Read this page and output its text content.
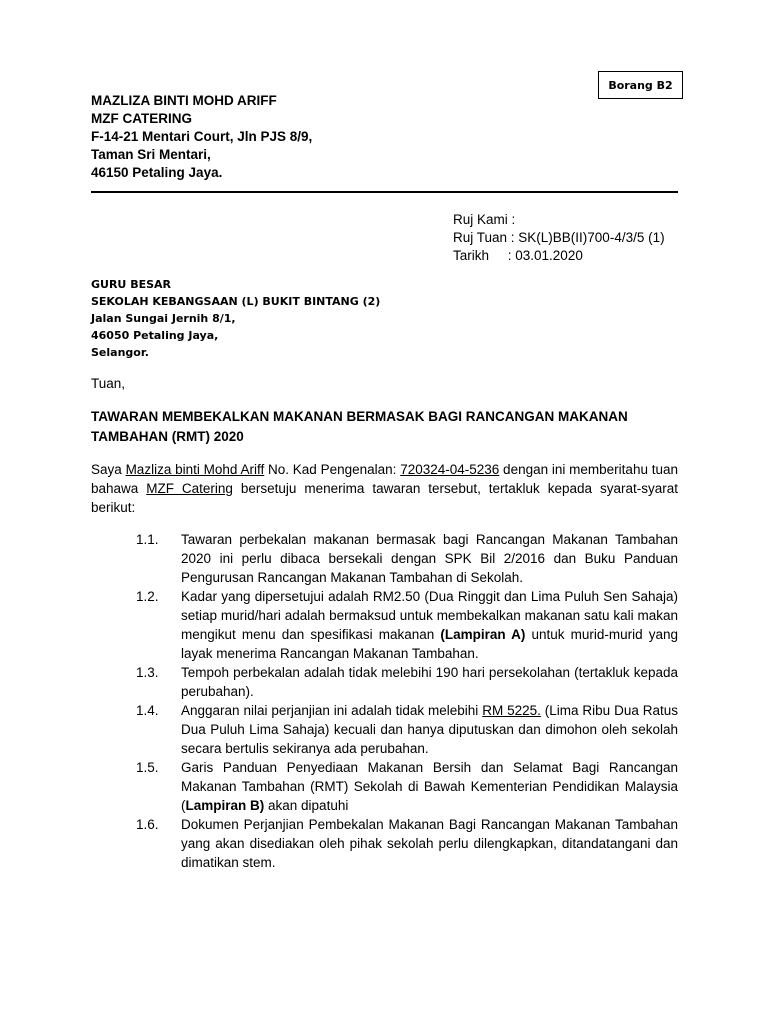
Borang B2
MAZLIZA BINTI MOHD ARIFF
MZF CATERING
F-14-21 Mentari Court, Jln PJS 8/9,
Taman Sri Mentari,
46150 Petaling Jaya.
Ruj Kami :
Ruj Tuan : SK(L)BB(II)700-4/3/5 (1)
Tarikh     : 03.01.2020
GURU BESAR
SEKOLAH KEBANGSAAN (L) BUKIT BINTANG (2)
Jalan Sungai Jernih 8/1,
46050 Petaling Jaya,
Selangor.
Tuan,
TAWARAN MEMBEKALKAN MAKANAN BERMASAK BAGI RANCANGAN MAKANAN TAMBAHAN (RMT) 2020
Saya Mazliza binti Mohd Ariff No. Kad Pengenalan: 720324-04-5236 dengan ini memberitahu tuan bahawa MZF Catering bersetuju menerima tawaran tersebut, tertakluk kepada syarat-syarat berikut:
1.1.	Tawaran perbekalan makanan bermasak bagi Rancangan Makanan Tambahan 2020 ini perlu dibaca bersekali dengan SPK Bil 2/2016 dan Buku Panduan Pengurusan Rancangan Makanan Tambahan di Sekolah.
1.2.	Kadar yang dipersetujui adalah RM2.50 (Dua Ringgit dan Lima Puluh Sen Sahaja) setiap murid/hari adalah bermaksud untuk membekalkan makanan satu kali makan mengikut menu dan spesifikasi makanan (Lampiran A) untuk murid-murid yang layak menerima Rancangan Makanan Tambahan.
1.3.	Tempoh perbekalan adalah tidak melebihi 190 hari persekolahan (tertakluk kepada perubahan).
1.4.	Anggaran nilai perjanjian ini adalah tidak melebihi RM 5225. (Lima Ribu Dua Ratus Dua Puluh Lima Sahaja) kecuali dan hanya diputuskan dan dimohon oleh sekolah secara bertulis sekiranya ada perubahan.
1.5.	Garis Panduan Penyediaan Makanan Bersih dan Selamat Bagi Rancangan Makanan Tambahan (RMT) Sekolah di Bawah Kementerian Pendidikan Malaysia (Lampiran B) akan dipatuhi
1.6.	Dokumen Perjanjian Pembekalan Makanan Bagi Rancangan Makanan Tambahan yang akan disediakan oleh pihak sekolah perlu dilengkapkan, ditandatangani dan dimatikan stem.
